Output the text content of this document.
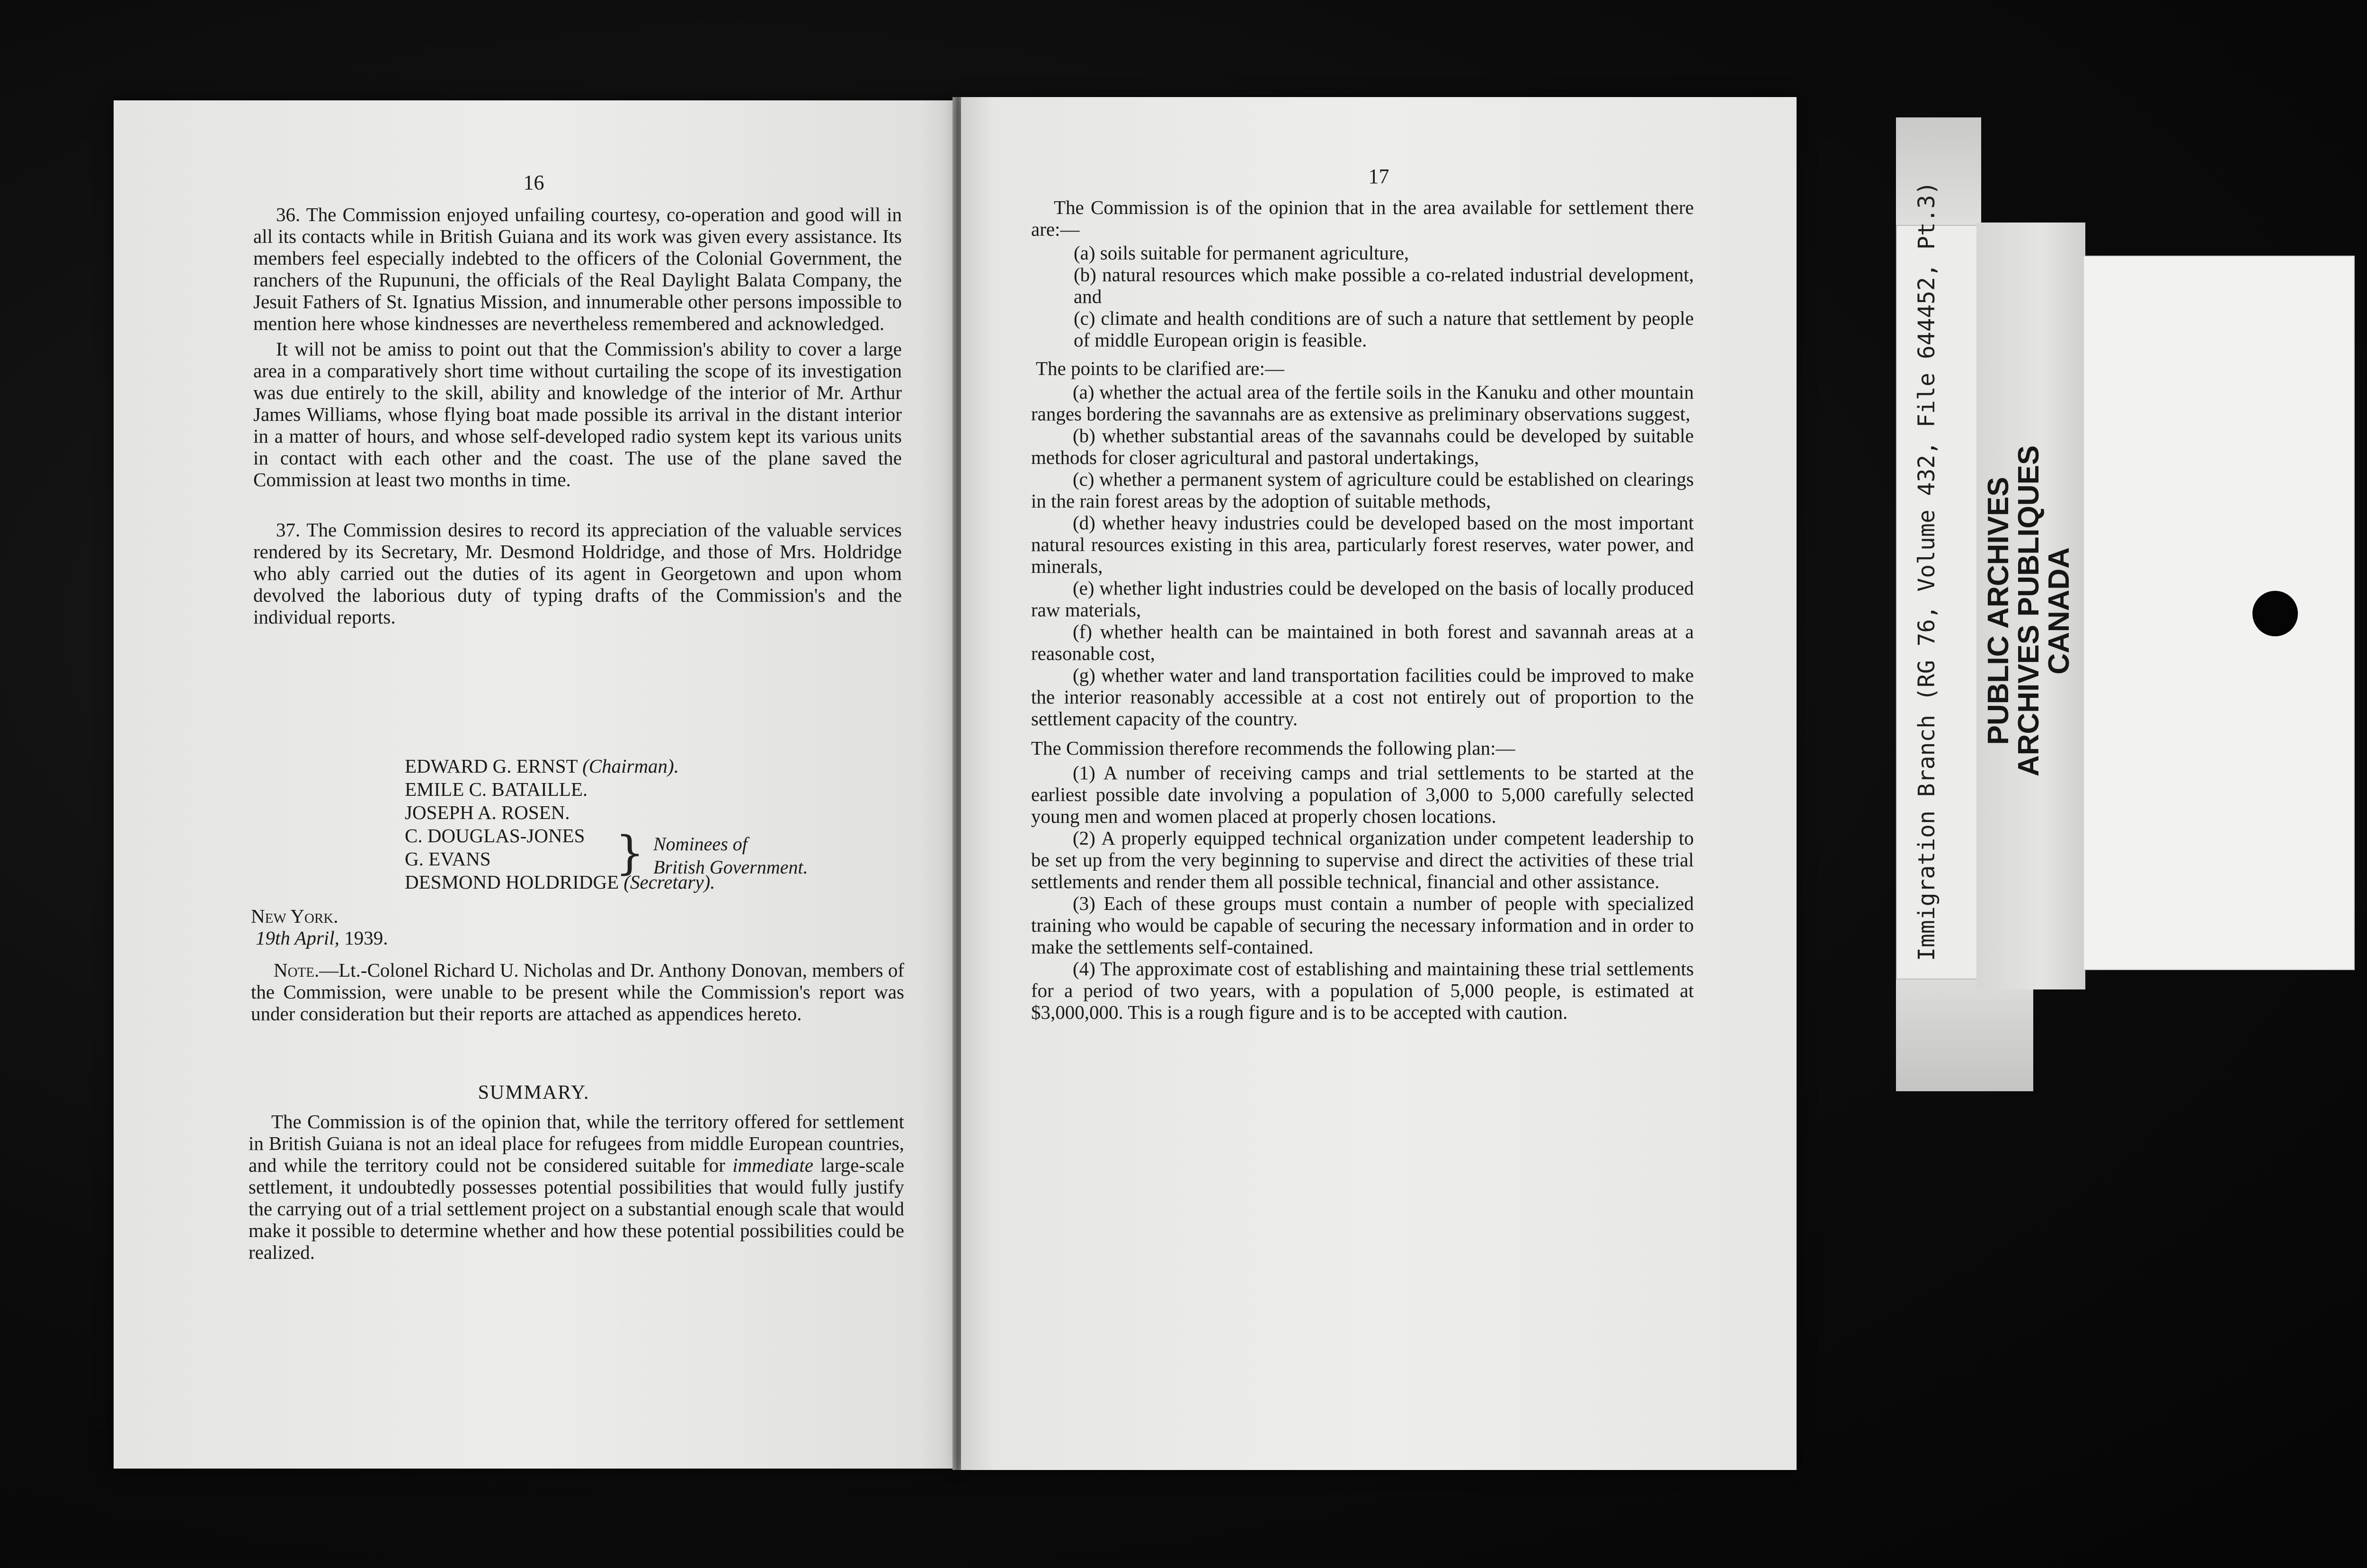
16

36. The Commission enjoyed unfailing courtesy, co-operation and good will in all its contacts while in British Guiana and its work was given every assistance. Its members feel especially indebted to the officers of the Colonial Government, the ranchers of the Rupununi, the officials of the Real Daylight Balata Company, the Jesuit Fathers of St. Ignatius Mission, and innumerable other persons impossible to mention here whose kindnesses are nevertheless remembered and acknowledged.

It will not be amiss to point out that the Commission's ability to cover a large area in a comparatively short time without curtailing the scope of its investigation was due entirely to the skill, ability and knowledge of the interior of Mr. Arthur James Williams, whose flying boat made possible its arrival in the distant interior in a matter of hours, and whose self-developed radio system kept its various units in contact with each other and the coast. The use of the plane saved the Commission at least two months in time.

37. The Commission desires to record its appreciation of the valuable services rendered by its Secretary, Mr. Desmond Holdridge, and those of Mrs. Holdridge who ably carried out the duties of its agent in Georgetown and upon whom devolved the laborious duty of typing drafts of the Commission's and the individual reports.

EDWARD G. ERNST (Chairman).
EMILE C. BATAILLE.
JOSEPH A. ROSEN.
C. DOUGLAS-JONES
G. EVANS
DESMOND HOLDRIDGE (Secretary).
} Nominees of
British Government.

New York.

19th April, 1939.

Note.—Lt.-Colonel Richard U. Nicholas and Dr. Anthony Donovan, members of the Commission, were unable to be present while the Commission's report was under consideration but their reports are attached as appendices hereto.

SUMMARY.

The Commission is of the opinion that, while the territory offered for settlement in British Guiana is not an ideal place for refugees from middle European countries, and while the territory could not be considered suitable for immediate large-scale settlement, it undoubtedly possesses potential possibilities that would fully justify the carrying out of a trial settlement project on a substantial enough scale that would make it possible to determine whether and how these potential possibilities could be realized.

17

The Commission is of the opinion that in the area available for settlement there are:—

(a) soils suitable for permanent agriculture,

(b) natural resources which make possible a co-related industrial development, and

(c) climate and health conditions are of such a nature that settlement by people of middle European origin is feasible.

The points to be clarified are:—

(a) whether the actual area of the fertile soils in the Kanuku and other mountain ranges bordering the savannahs are as extensive as preliminary observations suggest,

(b) whether substantial areas of the savannahs could be developed by suitable methods for closer agricultural and pastoral undertakings,

(c) whether a permanent system of agriculture could be established on clearings in the rain forest areas by the adoption of suitable methods,

(d) whether heavy industries could be developed based on the most important natural resources existing in this area, particularly forest reserves, water power, and minerals,

(e) whether light industries could be developed on the basis of locally produced raw materials,

(f) whether health can be maintained in both forest and savannah areas at a reasonable cost,

(g) whether water and land transportation facilities could be improved to make the interior reasonably accessible at a cost not entirely out of proportion to the settlement capacity of the country.

The Commission therefore recommends the following plan:—

(1) A number of receiving camps and trial settlements to be started at the earliest possible date involving a population of 3,000 to 5,000 carefully selected young men and women placed at properly chosen locations.

(2) A properly equipped technical organization under competent leadership to be set up from the very beginning to supervise and direct the activities of these trial settlements and render them all possible technical, financial and other assistance.

(3) Each of these groups must contain a number of people with specialized training who would be capable of securing the necessary information and in order to make the settlements self-contained.

(4) The approximate cost of establishing and maintaining these trial settlements for a period of two years, with a population of 5,000 people, is estimated at $3,000,000. This is a rough figure and is to be accepted with caution.

Immigration Branch (RG 76, Volume 432, File 644452, Pt.3) PUBLIC ARCHIVES
ARCHIVES PUBLIQUES
CANADA
